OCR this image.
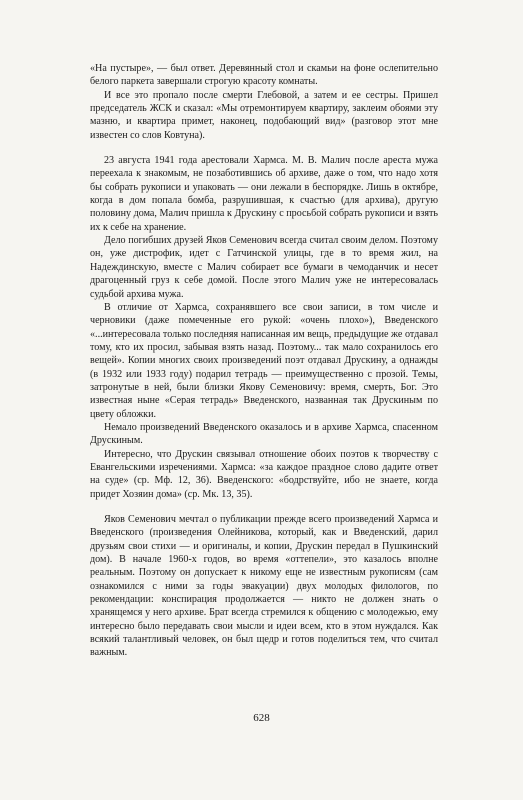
«На пустыре», — был ответ. Деревянный стол и скамьи на фоне ослепительно белого паркета завершали строгую красоту комнаты.

И все это пропало после смерти Глебовой, а затем и ее сестры. Пришел председатель ЖСК и сказал: «Мы отремонтируем квартиру, заклеим обоями эту мазню, и квартира примет, наконец, подобающий вид» (разговор этот мне известен со слов Ковтуна).

23 августа 1941 года арестовали Хармса. М. В. Малич после ареста мужа переехала к знакомым, не позаботившись об архиве, даже о том, что надо хотя бы собрать рукописи и упаковать — они лежали в беспорядке. Лишь в октябре, когда в дом попала бомба, разрушившая, к счастью (для архива), другую половину дома, Малич пришла к Друскину с просьбой собрать рукописи и взять их к себе на хранение.

Дело погибших друзей Яков Семенович всегда считал своим делом. Поэтому он, уже дистрофик, идет с Гатчинской улицы, где в то время жил, на Надеждинскую, вместе с Малич собирает все бумаги в чемоданчик и несет драгоценный груз к себе домой. После этого Малич уже не интересовалась судьбой архива мужа.

В отличие от Хармса, сохранявшего все свои записи, в том числе и черновики (даже помеченные его рукой: «очень плохо»), Введенского «...интересовала только последняя написанная им вещь, предыдущие же отдавал тому, кто их просил, забывая взять назад. Поэтому... так мало сохранилось его вещей». Копии многих своих произведений поэт отдавал Друскину, а однажды (в 1932 или 1933 году) подарил тетрадь — преимущественно с прозой. Темы, затронутые в ней, были близки Якову Семеновичу: время, смерть, Бог. Это известная ныне «Серая тетрадь» Введенского, названная так Друскиным по цвету обложки.

Немало произведений Введенского оказалось и в архиве Хармса, спасенном Друскиным.

Интересно, что Друскин связывал отношение обоих поэтов к творчеству с Евангельскими изречениями. Хармса: «за каждое праздное слово дадите ответ на суде» (ср. Мф. 12, 36). Введенского: «бодрствуйте, ибо не знаете, когда придет Хозяин дома» (ср. Мк. 13, 35).

Яков Семенович мечтал о публикации прежде всего произведений Хармса и Введенского (произведения Олейникова, который, как и Введенский, дарил друзьям свои стихи — и оригиналы, и копии, Друскин передал в Пушкинский дом). В начале 1960-х годов, во время «оттепели», это казалось вполне реальным. Поэтому он допускает к никому еще не известным рукописям (сам ознакомился с ними за годы эвакуации) двух молодых филологов, по рекомендации: конспирация продолжается — никто не должен знать о хранящемся у него архиве. Брат всегда стремился к общению с молодежью, ему интересно было передавать свои мысли и идеи всем, кто в этом нуждался. Как всякий талантливый человек, он был щедр и готов поделиться тем, что считал важным.

628
